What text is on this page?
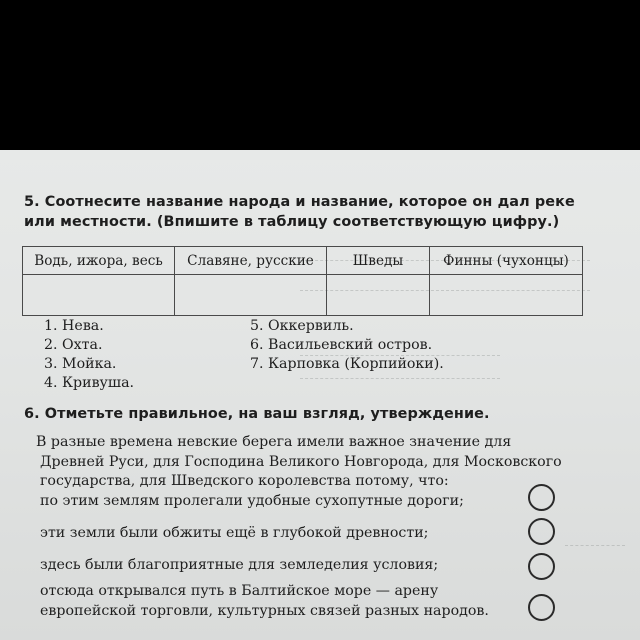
5. Соотнесите название народа и название, которое он дал реке
или местности. (Впишите в таблицу соответствующую цифру.)
Водь, ижора, весь	Славяне, русские	Шведы	Финны (чухонцы)

1. Нева.
2. Охта.
3. Мойка.
4. Кривуша.
5. Оккервиль.
6. Васильевский остров.
7. Карповка (Корпийоки).
6. Отметьте правильное, на ваш взгляд, утверждение.

В разные времена невские берега имели важное значение для
Древней Руси, для Господина Великого Новгорода, для Московского
государства, для Шведского королевства потому, что:

по этим землям пролегали удобные сухопутные дороги;
эти земли были обжиты ещё в глубокой древности;
здесь были благоприятные для земледелия условия;
отсюда открывался путь в Балтийское море — арену
европейской торговли, культурных связей разных народов.
